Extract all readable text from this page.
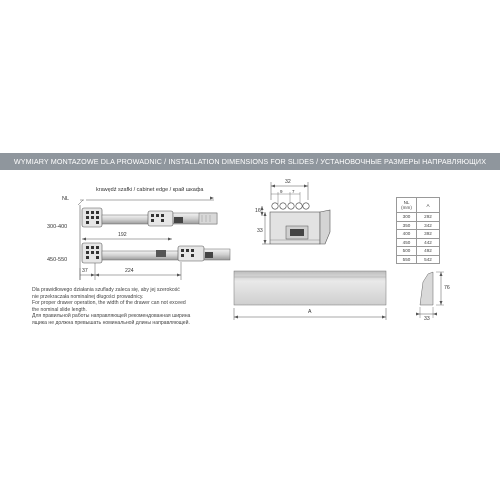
WYMIARY MONTAZOWE DLA PROWADNIC / INSTALLATION DIMENSIONS FOR SLIDES / УСТАНОВОЧНЫЕ РАЗМЕРЫ НАПРАВЛЯЮЩИХ
krawędź szafki / cabinet edge / край шкафа
NL
300-400
450-550
192
37	224
32
9 7
16
33
NL
(mm)	A
300	292
350	342
400	392
450	442
500	492
550	542
A
76
33
Dla prawidłowego działania szuflady zaleca się, aby jej szerokość
nie przekraczała nominalnej długości prowadnicy.
For proper drawer operation, the width of the drawer can not exceed
the nominal slide length.
Для правильной работы направляющей рекомендованная ширина
ящика не должна превышать номинальной длины направляющей.
